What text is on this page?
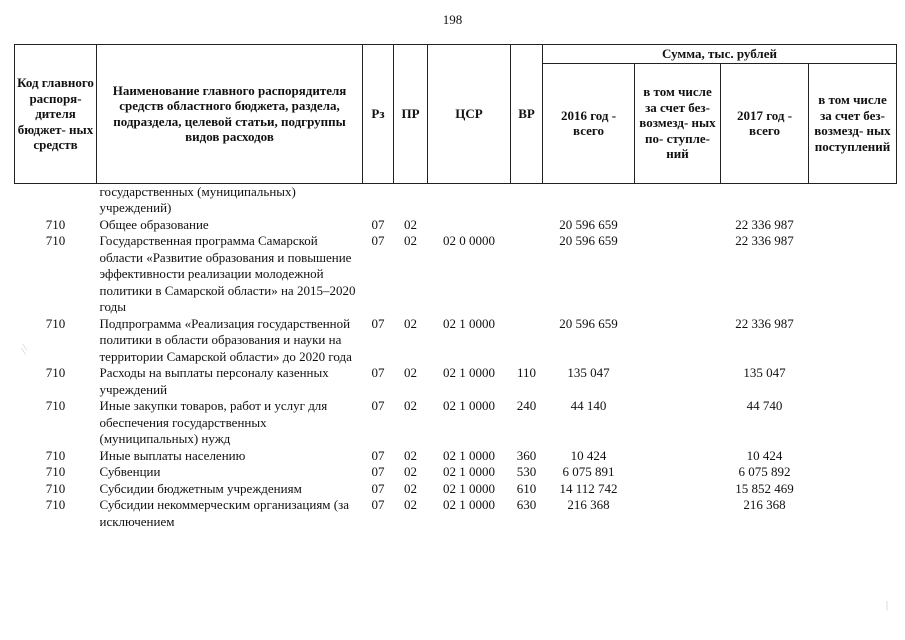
198
Код главного распоря- дителя бюджет- ных средств	Наименование главного распорядителя средств областного бюджета, раздела, подраздела, целевой статьи, подгруппы видов расходов	Рз	ПР	ЦСР	ВР	Сумма, тыс. рублей			
						2016 год - всего	в том числе за счет без- возмезд- ных по- ступле- ний	2017 год - всего	в том числе за счет без- возмезд- ных поступлений
	государственных (муниципальных) учреждений)								
710	Общее образование	07	02			20 596 659		22 336 987	
710	Государственная программа Самарской области «Развитие образования и повышение эффективности реализации молодежной политики в Самарской области» на 2015–2020 годы	07	02	02 0 0000		20 596 659		22 336 987	
710	Подпрограмма «Реализация государственной политики в области образования и науки на территории Самарской области» до 2020 года	07	02	02 1 0000		20 596 659		22 336 987	
710	Расходы на выплаты персоналу казенных учреждений	07	02	02 1 0000	110	135 047		135 047	
710	Иные закупки товаров, работ и услуг для обеспечения государственных (муниципальных) нужд	07	02	02 1 0000	240	44 140		44 740	
710	Иные выплаты населению	07	02	02 1 0000	360	10 424		10 424	
710	Субвенции	07	02	02 1 0000	530	6 075 891		6 075 892	
710	Субсидии бюджетным учреждениям	07	02	02 1 0000	610	14 112 742		15 852 469	
710	Субсидии некоммерческим организациям (за исключением	07	02	02 1 0000	630	216 368		216 368	
⁄ ⁄
|
